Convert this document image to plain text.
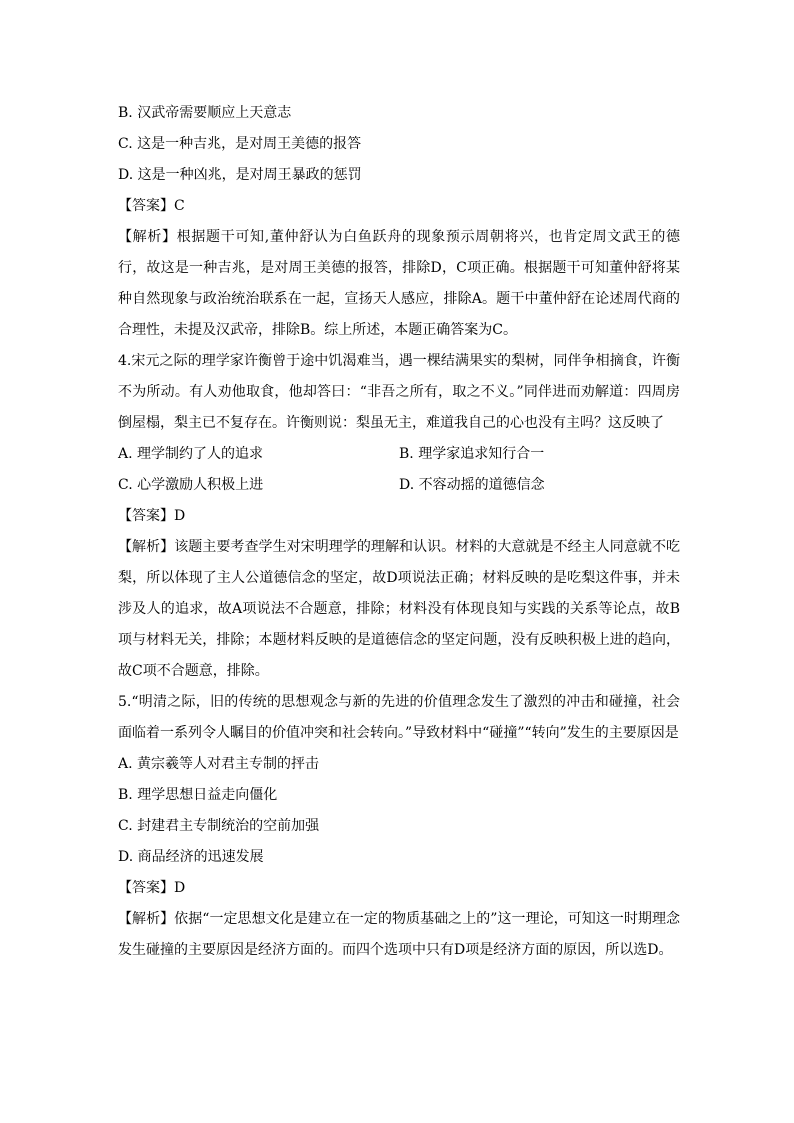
B. 汉武帝需要顺应上天意志
C. 这是一种吉兆，是对周王美德的报答
D. 这是一种凶兆，是对周王暴政的惩罚
【答案】C
【解析】根据题干可知,董仲舒认为白鱼跃舟的现象预示周朝将兴，也肯定周文武王的德行，故这是一种吉兆，是对周王美德的报答，排除D，C项正确。根据题干可知董仲舒将某种自然现象与政治统治联系在一起，宣扬天人感应，排除A。题干中董仲舒在论述周代商的合理性，未提及汉武帝，排除B。综上所述，本题正确答案为C。
4.宋元之际的理学家许衡曾于途中饥渴难当，遇一棵结满果实的梨树，同伴争相摘食，许衡不为所动。有人劝他取食，他却答曰：“非吾之所有，取之不义。”同伴进而劝解道：四周房倒屋榻，梨主已不复存在。许衡则说：梨虽无主，难道我自己的心也没有主吗？这反映了
A. 理学制约了人的追求	B. 理学家追求知行合一
C. 心学激励人积极上进	D. 不容动摇的道德信念
【答案】D
【解析】该题主要考查学生对宋明理学的理解和认识。材料的大意就是不经主人同意就不吃梨，所以体现了主人公道德信念的坚定，故D项说法正确；材料反映的是吃梨这件事，并未涉及人的追求，故A项说法不合题意，排除；材料没有体现良知与实践的关系等论点，故B项与材料无关，排除；本题材料反映的是道德信念的坚定问题，没有反映积极上进的趋向，故C项不合题意，排除。
5.“明清之际，旧的传统的思想观念与新的先进的价值理念发生了激烈的冲击和碰撞，社会面临着一系列令人瞩目的价值冲突和社会转向。”导致材料中“碰撞”“转向”发生的主要原因是
A. 黄宗羲等人对君主专制的抨击
B. 理学思想日益走向僵化
C. 封建君主专制统治的空前加强
D. 商品经济的迅速发展
【答案】D
【解析】依据“一定思想文化是建立在一定的物质基础之上的”这一理论，可知这一时期理念发生碰撞的主要原因是经济方面的。而四个选项中只有D项是经济方面的原因，所以选D。
